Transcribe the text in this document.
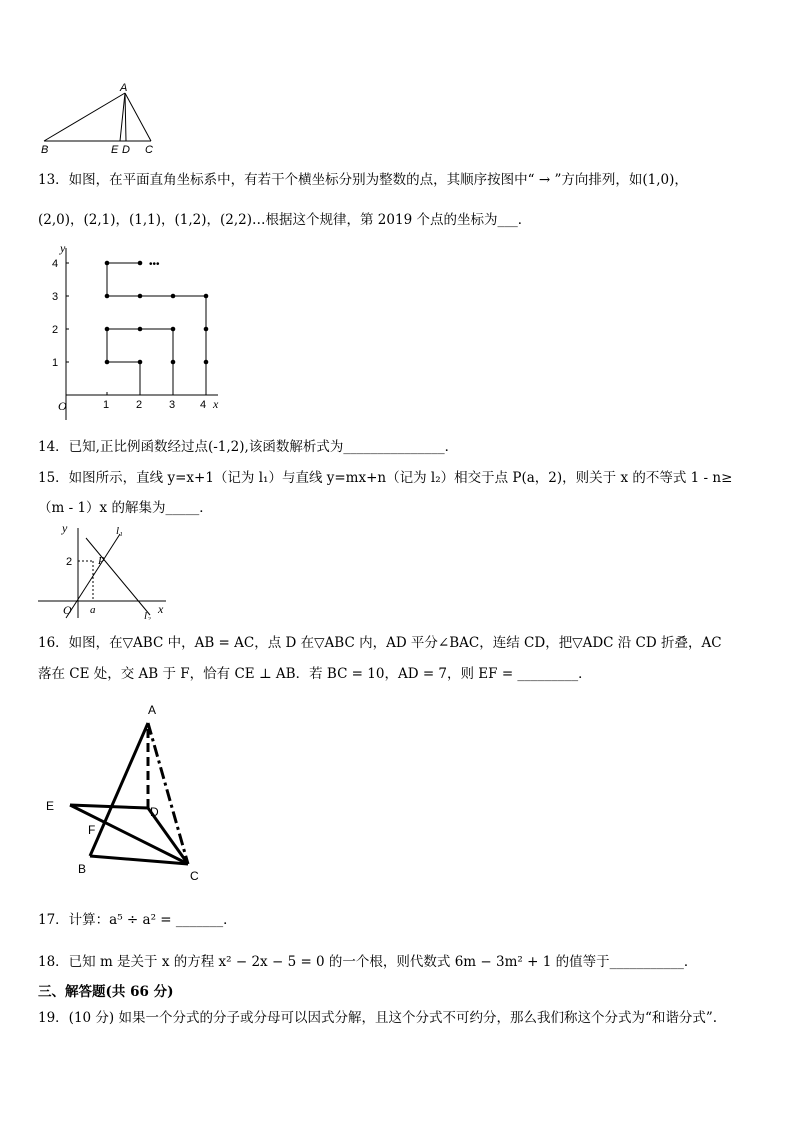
A
B	E D C
13．如图，在平面直角坐标系中，有若干个横坐标分别为整数的点，其顺序按图中“ → ”方向排列，如(1,0)，
(2,0)，(2,1)，(1,1)，(1,2)，(2,2)…根据这个规律，第 2019 个点的坐标为___．
•••
y
x
O	1 2 3 4
1
2
3
4
14．已知,正比例函数经过点(-1,2),该函数解析式为_______________．
15．如图所示，直线 y=x+1（记为 l₁）与直线 y=mx+n（记为 l₂）相交于点 P(a，2)，则关于 x 的不等式 1 - n≥
（m - 1）x 的解集为_____．
y
x
O a
2 P
l₁
l₂
16．如图，在▽ABC 中，AB = AC，点 D 在▽ABC 内，AD 平分∠BAC，连结 CD，把▽ADC 沿 CD 折叠，AC
落在 CE 处，交 AB 于 F，恰有 CE ⊥ AB．若 BC = 10，AD = 7，则 EF = _________．
A
E	D
F
B	C
17．计算：a⁵ ÷ a² = _______．
18．已知 m 是关于 x 的方程 x² − 2x − 5 = 0 的一个根，则代数式 6m − 3m² + 1 的值等于___________．
三、解答题(共 66 分)
19．(10 分) 如果一个分式的分子或分母可以因式分解，且这个分式不可约分，那么我们称这个分式为“和谐分式”.
